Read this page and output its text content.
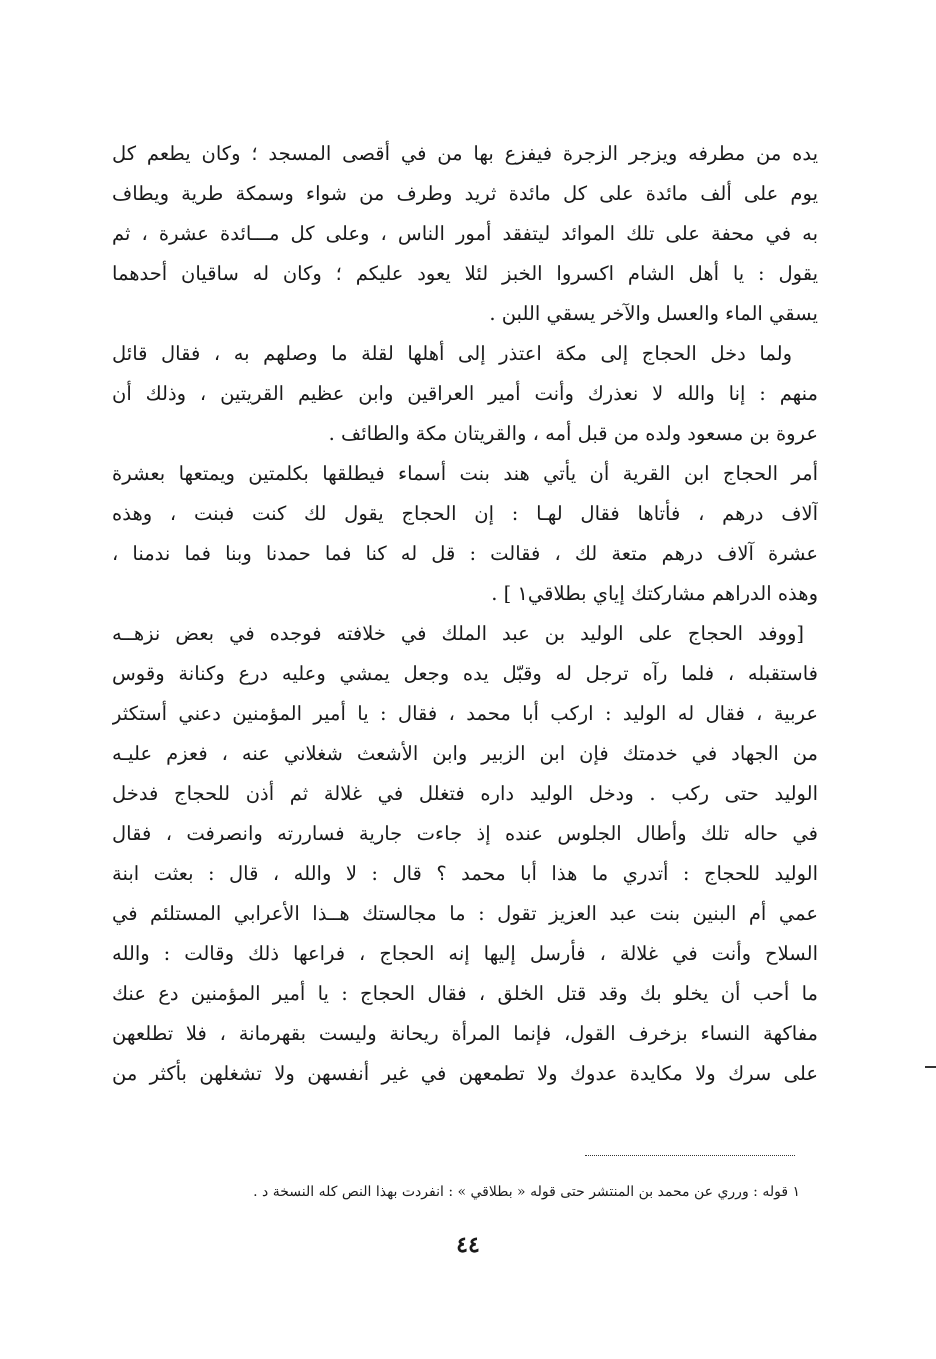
يده من مطرفه ويزجر الزجرة فيفزع بها من في أقصى المسجد ؛ وكان يطعم كل
يوم على ألف مائدة على كل مائدة ثريد وطرف من شواء وسمكة طرية ويطاف
به في محفة على تلك الموائد ليتفقد أمور الناس ، وعلى كل مـــائدة عشرة ، ثم
يقول : يا أهل الشام اكسروا الخبز لئلا يعود عليكم ؛ وكان له ساقيان أحدهما
يسقي الماء والعسل والآخر يسقي اللبن .
ولما دخل الحجاج إلى مكة اعتذر إلى أهلها لقلة ما وصلهم به ، فقال قائل
منهم : إنا والله لا نعذرك وأنت أمير العراقين وابن عظيم القريتين ، وذلك أن
عروة بن مسعود ولده من قبل أمه ، والقريتان مكة والطائف .
أمر الحجاج ابن القرية أن يأتي هند بنت أسماء فيطلقها بكلمتين ويمتعها بعشرة
آلاف درهم ، فأتاها فقال لهـا : إن الحجاج يقول لك كنت فبنت ، وهذه
عشرة آلاف درهم متعة لك ، فقالت : قل له كنا فما حمدنا وبنا فما ندمنا ،
وهذه الدراهم مشاركتك إياي بطلاقي١ ] .
[ووفد الحجاج على الوليد بن عبد الملك في خلافته فوجده في بعض نزهــه
فاستقبله ، فلما رآه ترجل له وقبّل يده وجعل يمشي وعليه درع وكنانة وقوس
عربية ، فقال له الوليد : اركب أبا محمد ، فقال : يا أمير المؤمنين دعني أستكثر
من الجهاد في خدمتك فإن ابن الزبير وابن الأشعث شغلاني عنه ، فعزم عليـه
الوليد حتى ركب . ودخل الوليد داره فتغلل في غلالة ثم أذن للحجاج فدخل
في حاله تلك وأطال الجلوس عنده إذ جاءت جارية فساررته وانصرفت ، فقال
الوليد للحجاج : أتدري ما هذا أبا محمد ؟ قال : لا والله ، قال : بعثت ابنة
عمي أم البنين بنت عبد العزيز تقول : ما مجالستك هــذا الأعرابي المستلئم في
السلاح وأنت في غلالة ، فأرسل إليها إنه الحجاج ، فراعها ذلك وقالت : والله
ما أحب أن يخلو بك وقد قتل الخلق ، فقال الحجاج : يا أمير المؤمنين دع عنك
مفاكهة النساء بزخرف القول، فإنما المرأة ريحانة وليست بقهرمانة ، فلا تطلعهن
على سرك ولا مكايدة عدوك ولا تطمعهن في غير أنفسهن ولا تشغلهن بأكثر من
١ قوله : ورري عن محمد بن المنتشر حتى قوله « بطلاقي » : انفردت بهذا النص كله النسخة د .
٤٤
